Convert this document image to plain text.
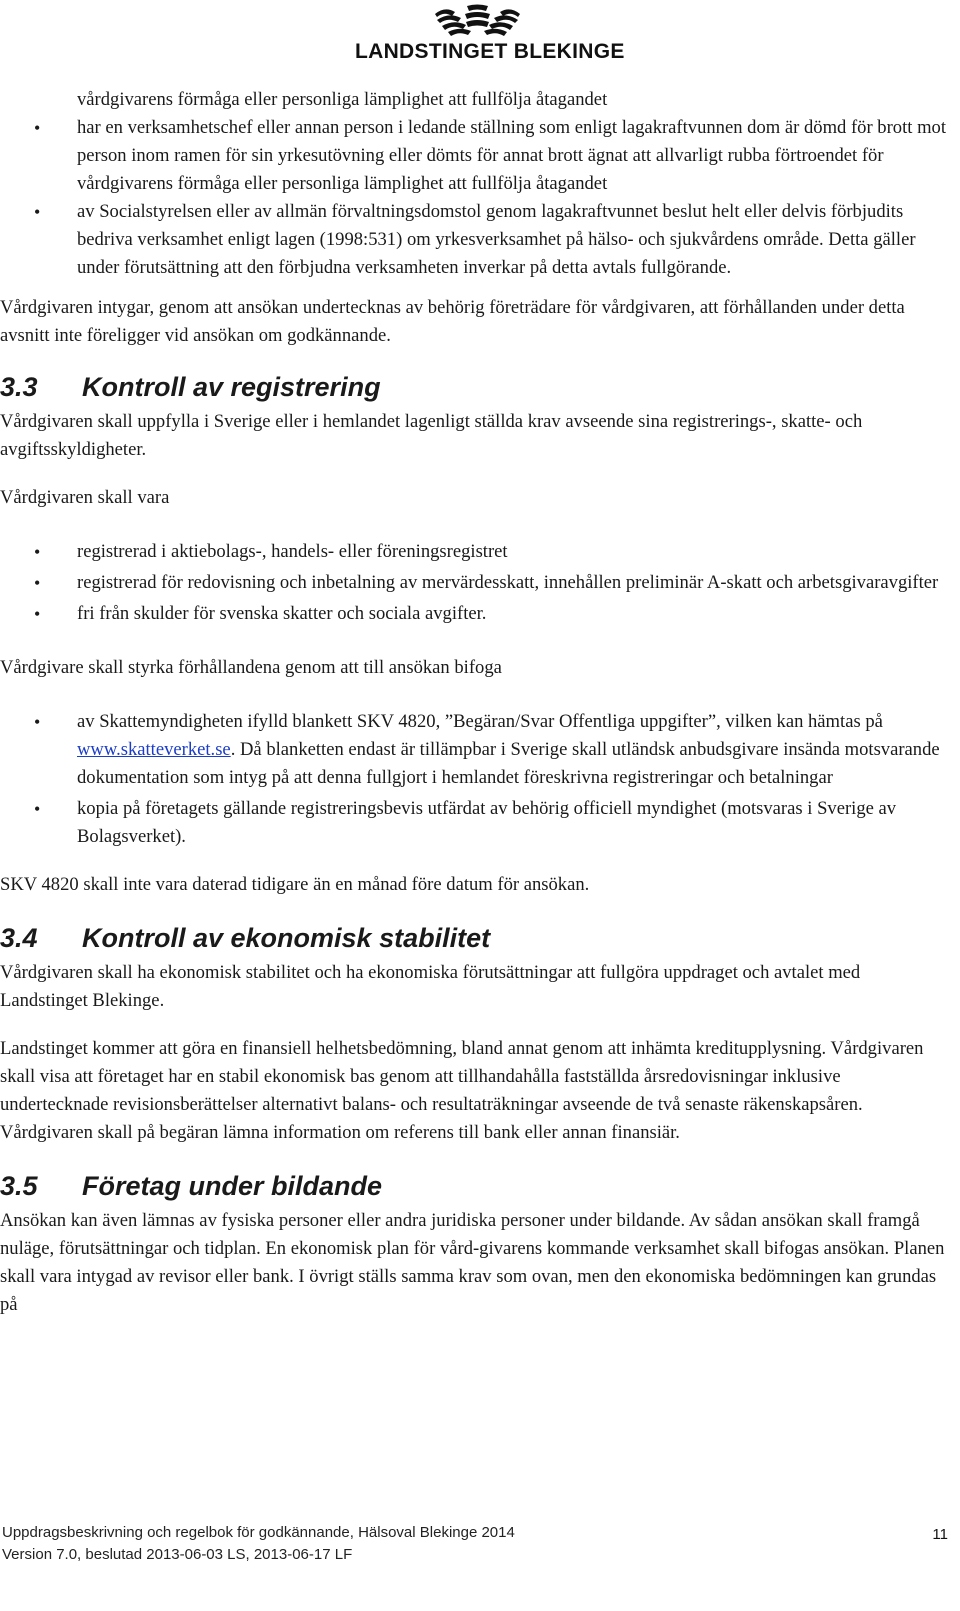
LANDSTINGET BLEKINGE
vårdgivarens förmåga eller personliga lämplighet att fullfölja åtagandet
• har en verksamhetschef eller annan person i ledande ställning som enligt lagakraftvunnen dom är dömd för brott mot person inom ramen för sin yrkesutövning eller dömts för annat brott ägnat att allvarligt rubba förtroendet för vårdgivarens förmåga eller personliga lämplighet att fullfölja åtagandet
• av Socialstyrelsen eller av allmän förvaltningsdomstol genom lagakraftvunnet beslut helt eller delvis förbjudits bedriva verksamhet enligt lagen (1998:531) om yrkesverksamhet på hälso- och sjukvårdens område. Detta gäller under förutsättning att den förbjudna verksamheten inverkar på detta avtals fullgörande.

Vårdgivaren intygar, genom att ansökan undertecknas av behörig företrädare för vårdgivaren, att förhållanden under detta avsnitt inte föreligger vid ansökan om godkännande.

3.3	Kontroll av registrering

Vårdgivaren skall uppfylla i Sverige eller i hemlandet lagenligt ställda krav avseende sina registrerings-, skatte- och avgiftsskyldigheter.

Vårdgivaren skall vara

• registrerad i aktiebolags-, handels- eller föreningsregistret
• registrerad för redovisning och inbetalning av mervärdesskatt, innehållen preliminär A-skatt och arbetsgivaravgifter
• fri från skulder för svenska skatter och sociala avgifter.

Vårdgivare skall styrka förhållandena genom att till ansökan bifoga

• av Skattemyndigheten ifylld blankett SKV 4820, ”Begäran/Svar Offentliga uppgifter”, vilken kan hämtas på www.skatteverket.se. Då blanketten endast är tillämpbar i Sverige skall utländsk anbudsgivare insända motsvarande dokumentation som intyg på att denna fullgjort i hemlandet föreskrivna registreringar och betalningar
• kopia på företagets gällande registreringsbevis utfärdat av behörig officiell myndighet (motsvaras i Sverige av Bolagsverket).

SKV 4820 skall inte vara daterad tidigare än en månad före datum för ansökan.

3.4	Kontroll av ekonomisk stabilitet

Vårdgivaren skall ha ekonomisk stabilitet och ha ekonomiska förutsättningar att fullgöra uppdraget och avtalet med Landstinget Blekinge.

Landstinget kommer att göra en finansiell helhetsbedömning, bland annat genom att inhämta kreditupplysning. Vårdgivaren skall visa att företaget har en stabil ekonomisk bas genom att tillhandahålla fastställda årsredovisningar inklusive undertecknade revisionsberättelser alternativt balans- och resultaträkningar avseende de två senaste räkenskapsåren. Vårdgivaren skall på begäran lämna information om referens till bank eller annan finansiär.

3.5	Företag under bildande

Ansökan kan även lämnas av fysiska personer eller andra juridiska personer under bildande. Av sådan ansökan skall framgå nuläge, förutsättningar och tidplan. En ekonomisk plan för vård-givarens kommande verksamhet skall bifogas ansökan. Planen skall vara intygad av revisor eller bank. I övrigt ställs samma krav som ovan, men den ekonomiska bedömningen kan grundas på

Uppdragsbeskrivning och regelbok för godkännande, Hälsoval Blekinge 2014
Version 7.0, beslutad 2013-06-03 LS, 2013-06-17 LF
11
